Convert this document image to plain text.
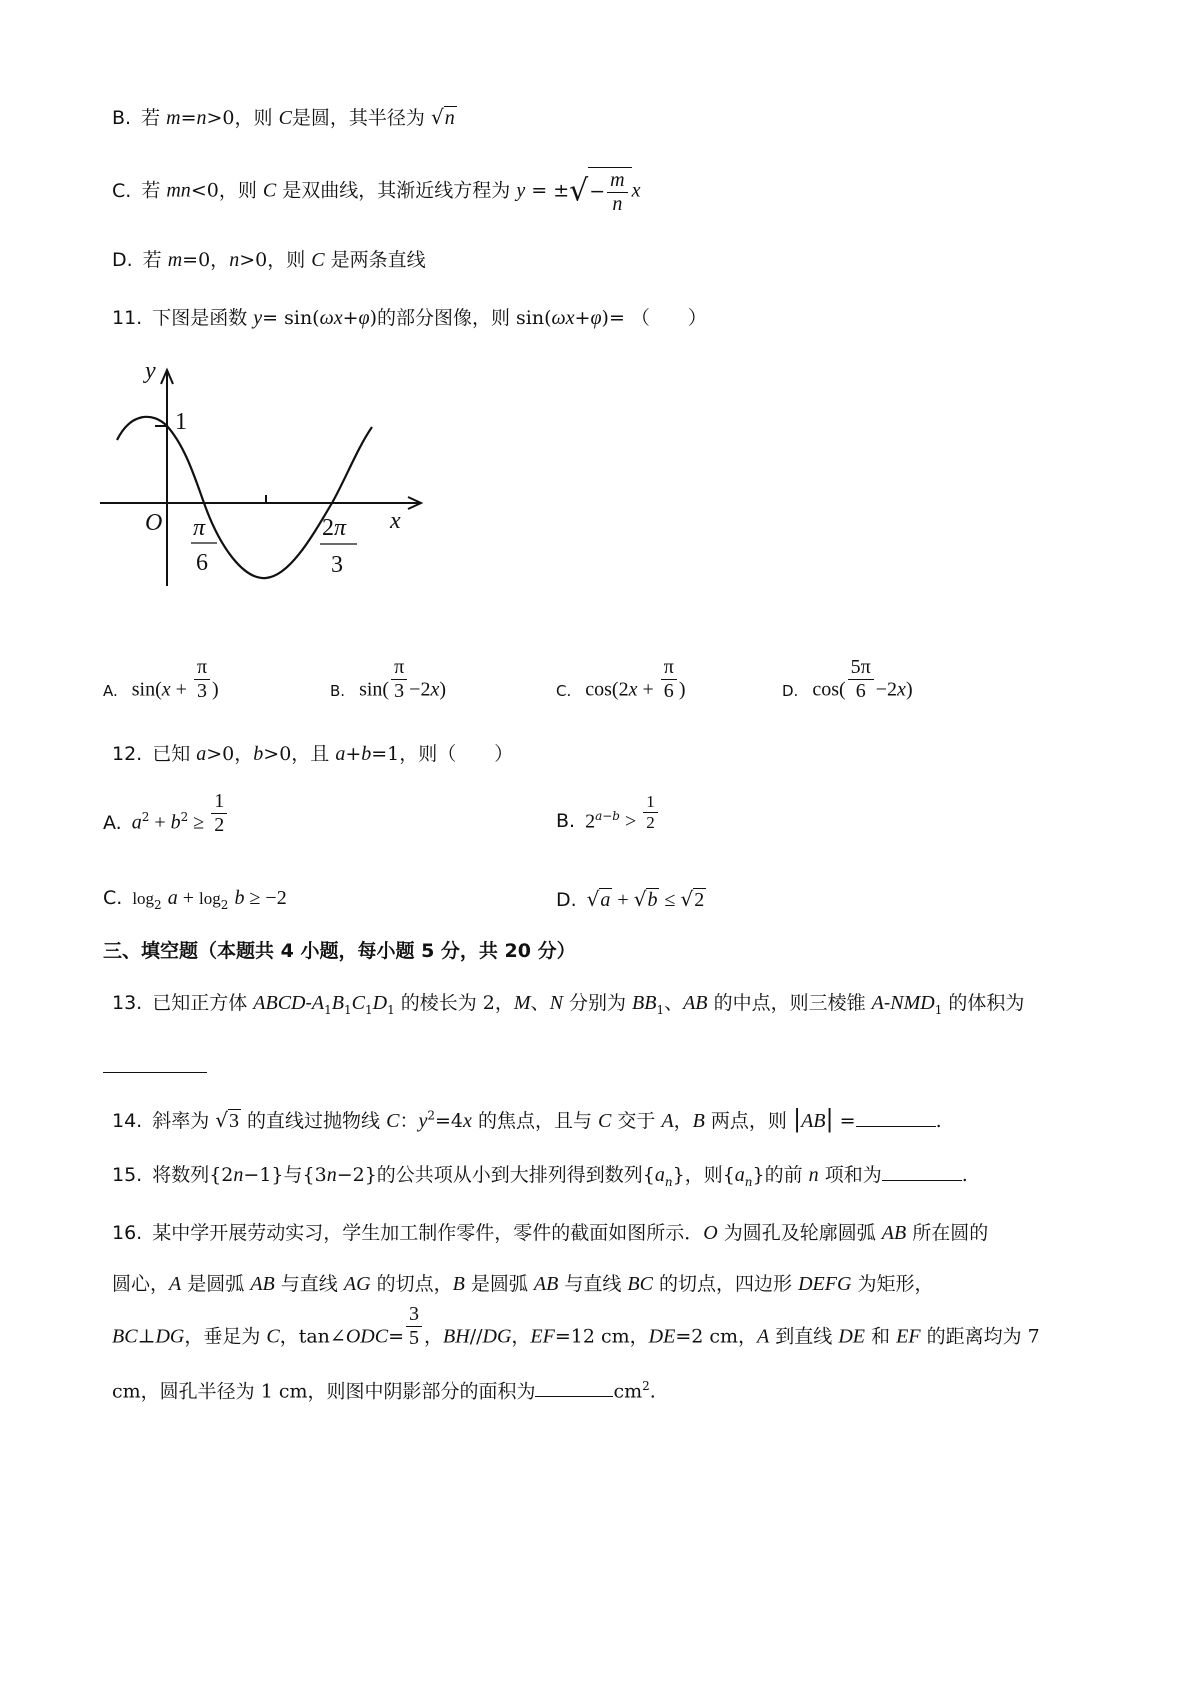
B. 若 m=n>0，则 C是圆，其半径为 √n
C. 若 mn<0，则 C 是双曲线，其渐近线方程为 y = ±√− $\frac{m}{n}$ x
D. 若 m=0，n>0，则 C 是两条直线
11. 下图是函数 y= sin(ωx+φ)的部分图像，则 sin(ωx+φ)= （　　）
y
x
O
1
π
6
2π
3
A. $\sin(x + \frac{\pi}{3}$ )	B. $\sin( \frac{\pi}{3} -2x)$	C. $\cos(2x + \frac{\pi}{6}$ )	D. $\cos( \frac{5\pi}{6} -2x)$
12. 已知 a>0，b>0，且 a+b=1，则（　　）
A. $a^2 + b^2 \ge \frac{1}{2}$	B. $2^{a-b} > \frac{1}{2}$
C. $\log_2 a + \log_2 b \ge -2$	D. √a + √b ≤ √2
三、填空题（本题共 4 小题，每小题 5 分，共 20 分）
13. 已知正方体 ABCD-$A_1B_1C_1D_1$ 的棱长为 2，M、N 分别为 $BB_1$、AB 的中点，则三棱锥 $A-NMD_1$ 的体积为
14. 斜率为 √3 的直线过抛物线 C：$y^2=4x$ 的焦点，且与 C 交于 A，B 两点，则 |AB| =	.
15. 将数列{2n−1}与{3n−2}的公共项从小到大排列得到数列$\{a_n\}$，则$\{a_n\}$的前 n 项和为	.
16. 某中学开展劳动实习，学生加工制作零件，零件的截面如图所示．O 为圆孔及轮廓圆弧 AB 所在圆的
圆心，A 是圆弧 AB 与直线 AG 的切点，B 是圆弧 AB 与直线 BC 的切点，四边形 DEFG 为矩形，
BC⊥DG，垂足为 C，tan∠ODC= $\frac{3}{5}$ ，BH//DG，EF=12 cm，DE=2 cm，A 到直线 DE 和 EF 的距离均为 7
cm，圆孔半径为 1 cm，则图中阴影部分的面积为	$cm^2$.
